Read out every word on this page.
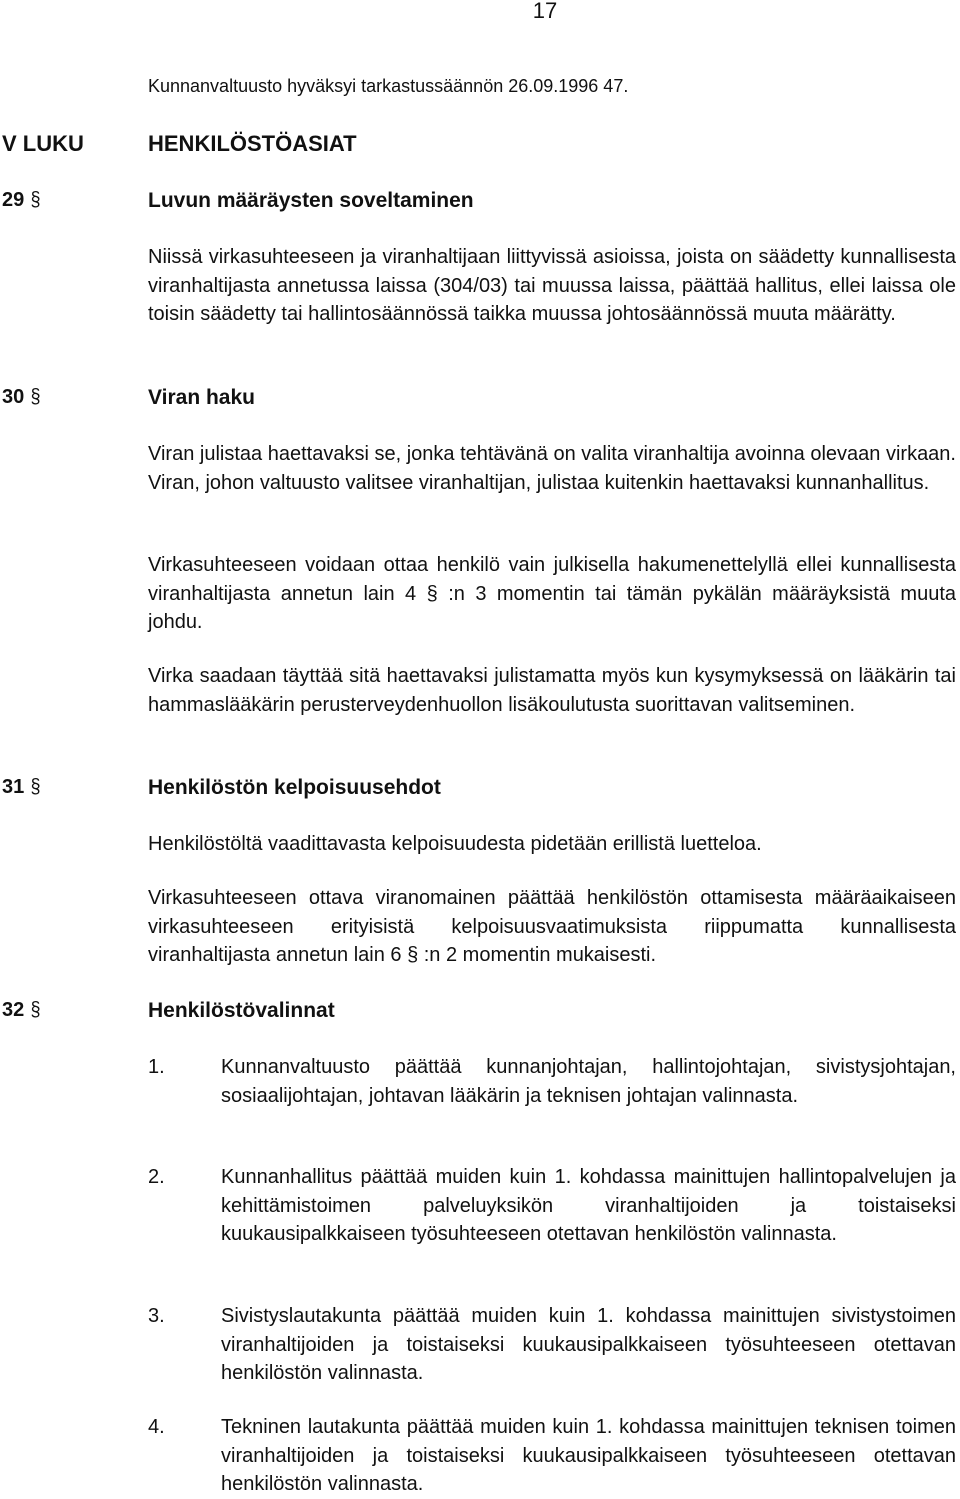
17
Kunnanvaltuusto hyväksyi tarkastussäännön 26.09.1996 47.
V LUKU	HENKILÖSTÖASIAT
29 §	Luvun määräysten soveltaminen
Niissä virkasuhteeseen ja viranhaltijaan liittyvissä asioissa, joista on säädetty kunnallisesta viranhaltijasta annetussa laissa (304/03) tai muussa laissa, päättää hallitus, ellei laissa ole toisin säädetty tai hallintosäännössä taikka muussa johtosäännössä muuta määrätty.
30 §	Viran haku
Viran julistaa haettavaksi se, jonka tehtävänä on valita viranhaltija avoinna olevaan virkaan. Viran, johon valtuusto valitsee viranhaltijan, julistaa kuitenkin haettavaksi kunnanhallitus.
Virkasuhteeseen voidaan ottaa henkilö vain julkisella hakumenettelyllä ellei kunnallisesta viranhaltijasta annetun lain 4 § :n 3 momentin tai tämän pykälän määräyksistä muuta johdu.
Virka saadaan täyttää sitä haettavaksi julistamatta myös kun kysymyksessä on lääkärin tai hammaslääkärin perusterveydenhuollon lisäkoulutusta suorittavan valitseminen.
31 §	Henkilöstön kelpoisuusehdot
Henkilöstöltä vaadittavasta kelpoisuudesta pidetään erillistä luetteloa.
Virkasuhteeseen ottava viranomainen päättää henkilöstön ottamisesta määräaikaiseen virkasuhteeseen erityisistä kelpoisuusvaatimuksista riippumatta kunnallisesta viranhaltijasta annetun lain 6 § :n 2 momentin mukaisesti.
32 §	Henkilöstövalinnat
1.	Kunnanvaltuusto päättää kunnanjohtajan, hallintojohtajan, sivistysjohtajan, sosiaalijohtajan, johtavan lääkärin ja teknisen johtajan valinnasta.
2.	Kunnanhallitus päättää muiden kuin 1. kohdassa mainittujen hallintopalvelujen ja kehittämistoimen palveluyksikön viranhaltijoiden ja toistaiseksi kuukausipalkkaiseen työsuhteeseen otettavan henkilöstön valinnasta.
3.	Sivistyslautakunta päättää muiden kuin 1. kohdassa mainittujen sivistystoimen viranhaltijoiden ja toistaiseksi kuukausipalkkaiseen työsuhteeseen otettavan henkilöstön valinnasta.
4.	Tekninen lautakunta päättää muiden kuin 1. kohdassa mainittujen teknisen toimen viranhaltijoiden ja toistaiseksi kuukausipalkkaiseen työsuhteeseen otettavan henkilöstön valinnasta.
